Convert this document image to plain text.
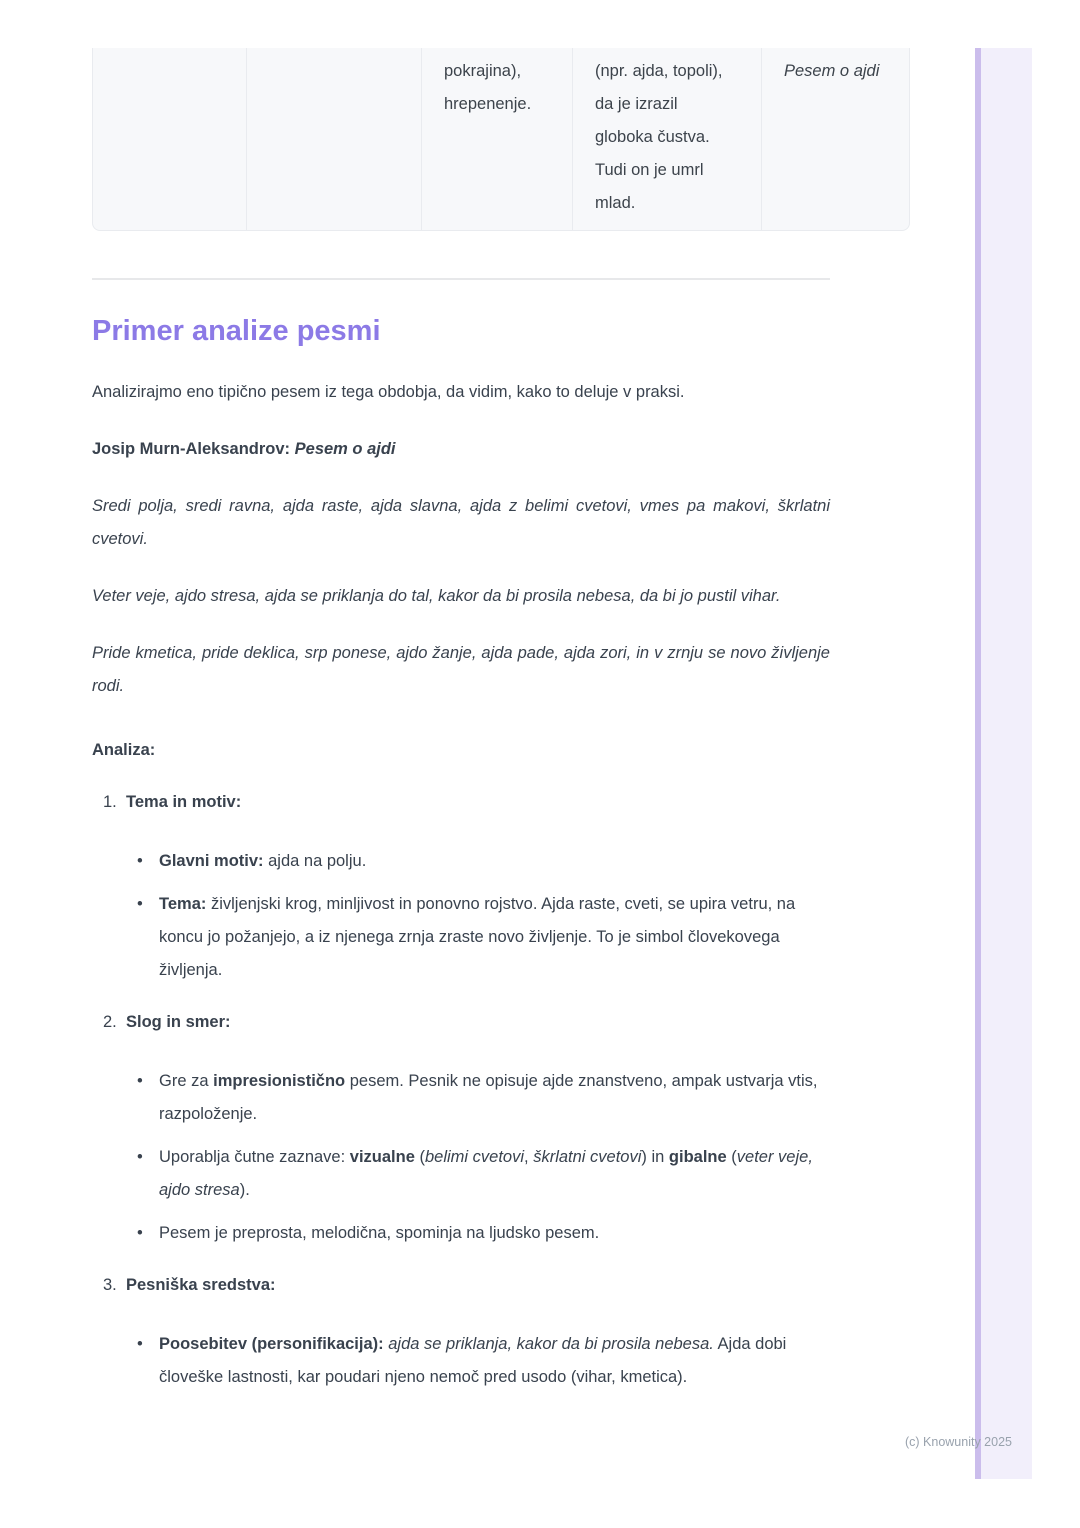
pokrajina), hrepenenje.
(npr. ajda, topoli), da je izrazil globoka čustva. Tudi on je umrl mlad.
Pesem o ajdi
Primer analize pesmi

Analizirajmo eno tipično pesem iz tega obdobja, da vidim, kako to deluje v praksi.

Josip Murn-Aleksandrov: Pesem o ajdi

Sredi polja, sredi ravna, ajda raste, ajda slavna, ajda z belimi cvetovi, vmes pa makovi, škrlatni cvetovi.

Veter veje, ajdo stresa, ajda se priklanja do tal, kakor da bi prosila nebesa, da bi jo pustil vihar.

Pride kmetica, pride deklica, srp ponese, ajdo žanje, ajda pade, ajda zori, in v zrnju se novo življenje rodi.

Analiza:

1. Tema in motiv:
• Glavni motiv: ajda na polju.
• Tema: življenjski krog, minljivost in ponovno rojstvo. Ajda raste, cveti, se upira vetru, na koncu jo požanjejo, a iz njenega zrnja zraste novo življenje. To je simbol človekovega življenja.
2. Slog in smer:
• Gre za impresionistično pesem. Pesnik ne opisuje ajde znanstveno, ampak ustvarja vtis, razpoloženje.
• Uporablja čutne zaznave: vizualne (belimi cvetovi, škrlatni cvetovi) in gibalne (veter veje, ajdo stresa).
• Pesem je preprosta, melodična, spominja na ljudsko pesem.
3. Pesniška sredstva:
• Poosebitev (personifikacija): ajda se priklanja, kakor da bi prosila nebesa. Ajda dobi človeške lastnosti, kar poudari njeno nemoč pred usodo (vihar, kmetica).
(c) Knowunity 2025
